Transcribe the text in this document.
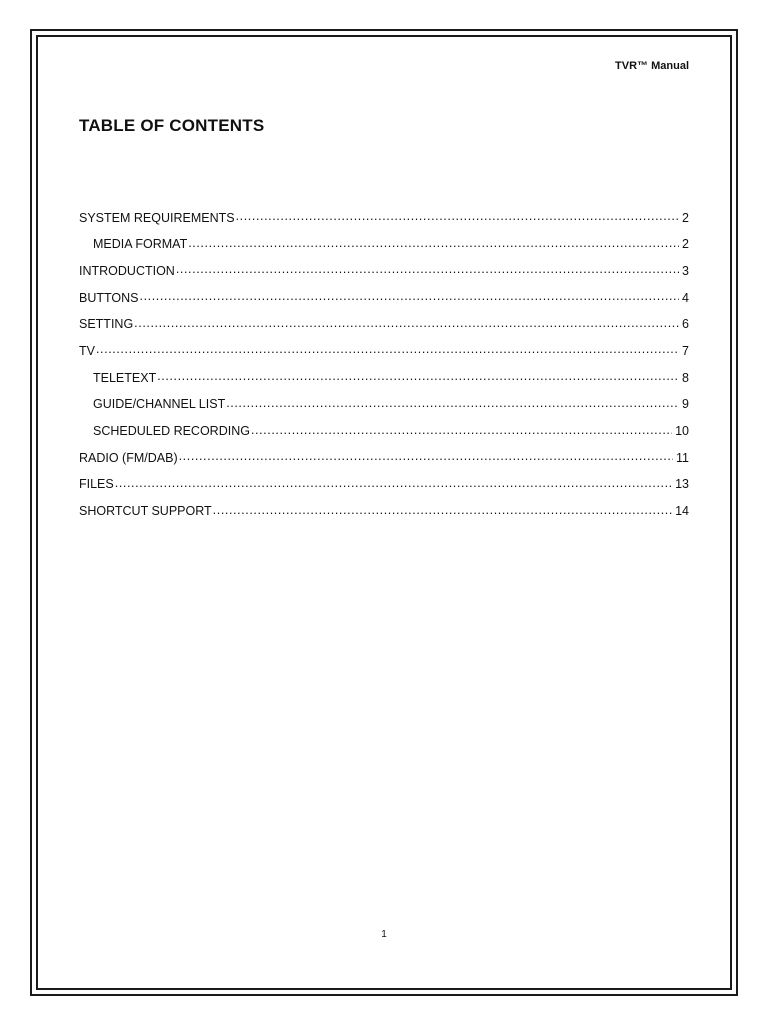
TVR™ Manual
TABLE OF CONTENTS
SYSTEM REQUIREMENTS .....	2
MEDIA FORMAT .....	2
INTRODUCTION .....	3
BUTTONS .....	4
SETTING .....	6
TV .....	7
TELETEXT .....	8
GUIDE/CHANNEL LIST .....	9
SCHEDULED RECORDING .....	10
RADIO (FM/DAB) .....	11
FILES .....	13
SHORTCUT SUPPORT .....	14
1
